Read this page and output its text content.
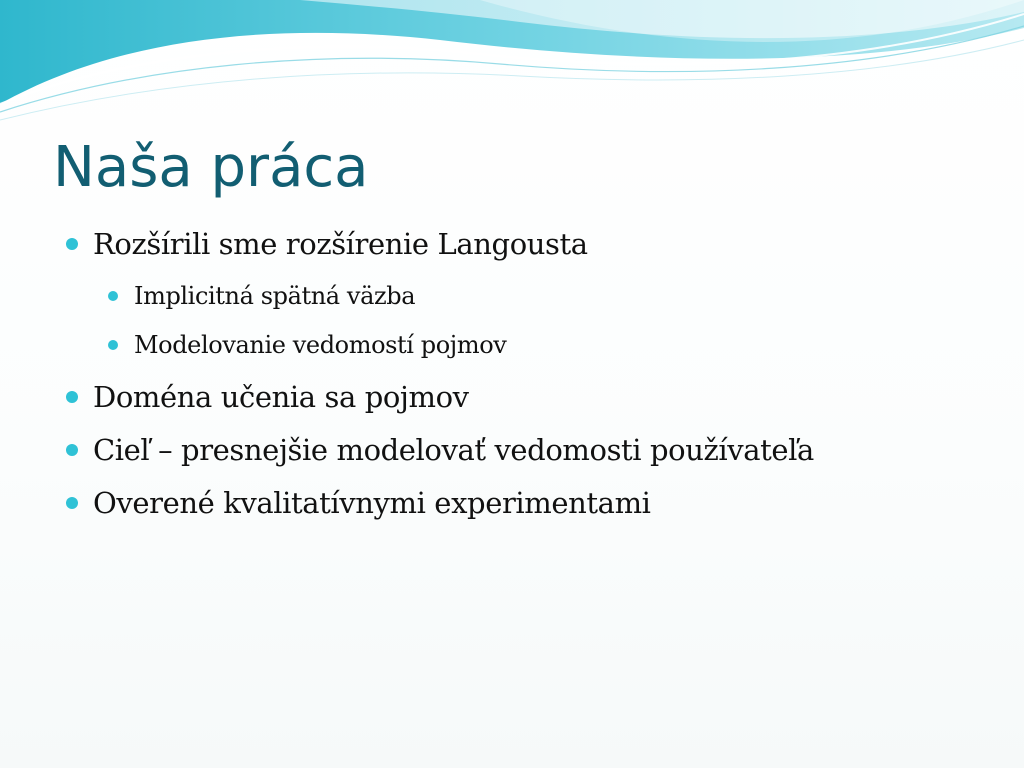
Naša práca
Rozšírili sme rozšírenie Langousta
Implicitná spätná väzba
Modelovanie vedomostí pojmov
Doména učenia sa pojmov
Cieľ – presnejšie modelovať vedomosti používateľa
Overené kvalitatívnymi experimentami
